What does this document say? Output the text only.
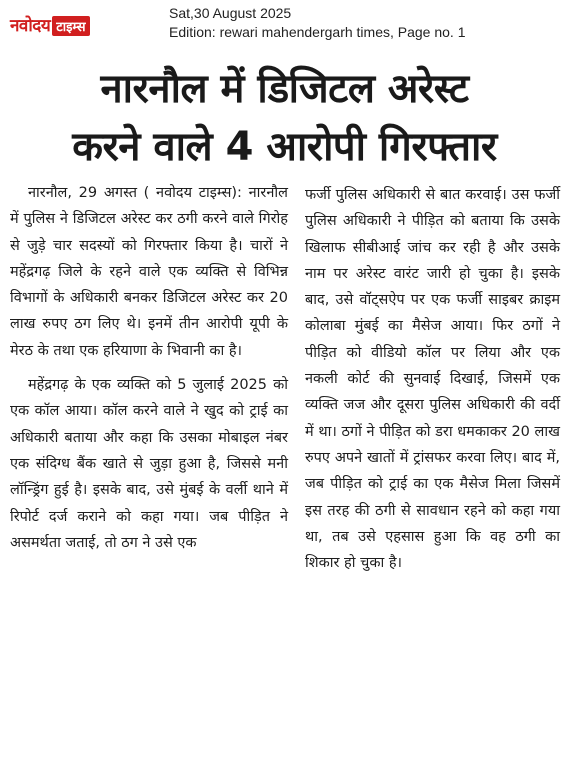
नवोदय टाइम्स
Sat,30 August 2025
Edition: rewari mahendergarh times, Page no. 1
नारनौल में डिजिटल अरेस्ट
करने वाले 4 आरोपी गिरफ्तार

नारनौल, 29 अगस्त ( नवोदय टाइम्स): नारनौल में पुलिस ने डिजिटल अरेस्ट कर ठगी करने वाले गिरोह से जुड़े चार सदस्यों को गिरफ्तार किया है। चारों ने महेंद्रगढ़ जिले के रहने वाले एक व्यक्ति से विभिन्न विभागों के अधिकारी बनकर डिजिटल अरेस्ट कर 20 लाख रुपए ठग लिए थे। इनमें तीन आरोपी यूपी के मेरठ के तथा एक हरियाणा के भिवानी का है।

महेंद्रगढ़ के एक व्यक्ति को 5 जुलाई 2025 को एक कॉल आया। कॉल करने वाले ने खुद को ट्राई का अधिकारी बताया और कहा कि उसका मोबाइल नंबर एक संदिग्ध बैंक खाते से जुड़ा हुआ है, जिससे मनी लॉन्ड्रिंग हुई है। इसके बाद, उसे मुंबई के वर्ली थाने में रिपोर्ट दर्ज कराने को कहा गया। जब पीड़ित ने असमर्थता जताई, तो ठग ने उसे एक

फर्जी पुलिस अधिकारी से बात करवाई। उस फर्जी पुलिस अधिकारी ने पीड़ित को बताया कि उसके खिलाफ सीबीआई जांच कर रही है और उसके नाम पर अरेस्ट वारंट जारी हो चुका है। इसके बाद, उसे वॉट्सऐप पर एक फर्जी साइबर क्राइम कोलाबा मुंबई का मैसेज आया। फिर ठगों ने पीड़ित को वीडियो कॉल पर लिया और एक नकली कोर्ट की सुनवाई दिखाई, जिसमें एक व्यक्ति जज और दूसरा पुलिस अधिकारी की वर्दी में था। ठगों ने पीड़ित को डरा धमकाकर 20 लाख रुपए अपने खातों में ट्रांसफर करवा लिए। बाद में, जब पीड़ित को ट्राई का एक मैसेज मिला जिसमें इस तरह की ठगी से सावधान रहने को कहा गया था, तब उसे एहसास हुआ कि वह ठगी का शिकार हो चुका है।
